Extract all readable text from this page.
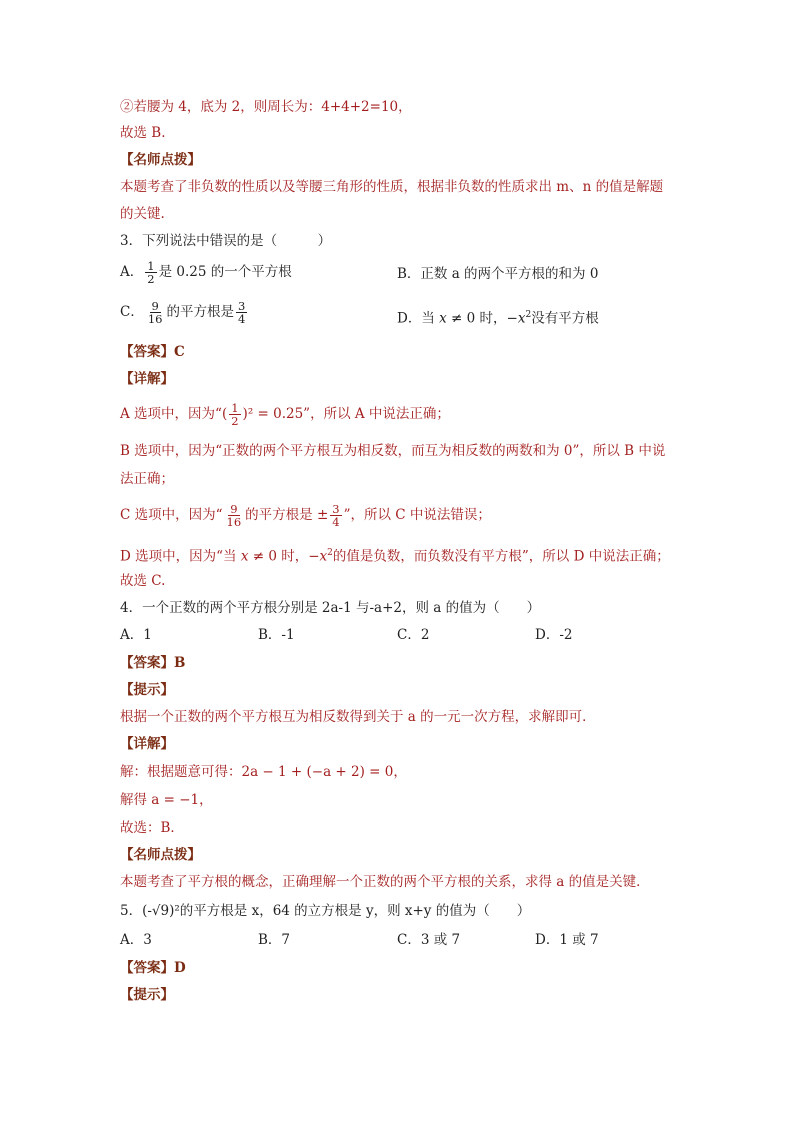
②若腰为 4，底为 2，则周长为：4+4+2=10，
故选 B.
【名师点拨】
本题考查了非负数的性质以及等腰三角形的性质，根据非负数的性质求出 m、n 的值是解题
的关键.
3．下列说法中错误的是（　　　）
A． $\frac{1}{2}$ 是 0.25 的一个平方根	B．正数 a 的两个平方根的和为 0
C． $\frac{9}{16}$ 的平方根是 $\frac{3}{4}$	D．当 x ≠ 0 时，$-x^2$没有平方根
【答案】C
【详解】
A 选项中，因为“( $\frac{1}{2} )^2 = 0.25$”，所以 A 中说法正确；
B 选项中，因为“正数的两个平方根互为相反数，而互为相反数的两数和为 0”，所以 B 中说
法正确；
C 选项中，因为“ $\frac{9}{16}$ 的平方根是 ± $\frac{3}{4}$ ”，所以 C 中说法错误；
D 选项中，因为“当 x ≠ 0 时，$-x^2$的值是负数，而负数没有平方根”，所以 D 中说法正确；
故选 C.
4．一个正数的两个平方根分别是 2a-1 与-a+2，则 a 的值为（　　）
A．1	B．-1	C．2	D．-2
【答案】B
【提示】
根据一个正数的两个平方根互为相反数得到关于 a 的一元一次方程，求解即可．
【详解】
解：根据题意可得：2a − 1 + (−a + 2) = 0，
解得 a = −1，
故选：B．
【名师点拨】
本题考查了平方根的概念，正确理解一个正数的两个平方根的关系，求得 a 的值是关键．
5．(-√9)²的平方根是 x，64 的立方根是 y，则 x+y 的值为（　　）
A．3	B．7	C．3 或 7	D．1 或 7
【答案】D
【提示】
